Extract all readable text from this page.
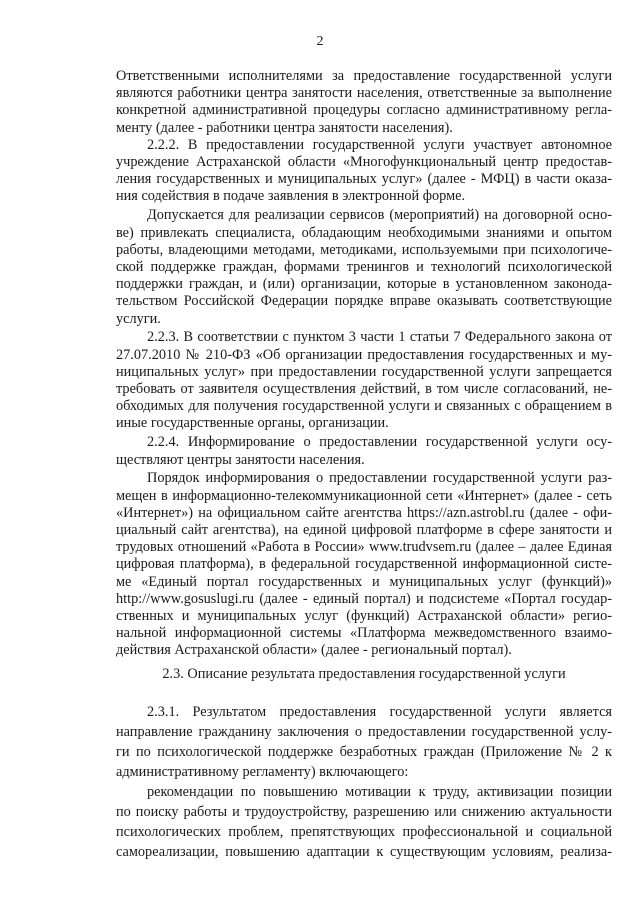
2
Ответственными исполнителями за предоставление государственной услуги
являются работники центра занятости населения, ответственные за выполнение
конкретной административной процедуры согласно административному регла-
менту (далее - работники центра занятости населения).
2.2.2. В предоставлении государственной услуги участвует автономное
учреждение Астраханской области «Многофункциональный центр предостав-
ления государственных и муниципальных услуг» (далее - МФЦ) в части оказа-
ния содействия в подаче заявления в электронной форме.
Допускается для реализации сервисов (мероприятий) на договорной осно-
ве) привлекать специалиста, обладающим необходимыми знаниями и опытом
работы, владеющими методами, методиками, используемыми при психологиче-
ской поддержке граждан, формами тренингов и технологий психологической
поддержки граждан, и (или) организации, которые в установленном законода-
тельством Российской Федерации порядке вправе оказывать соответствующие
услуги.
2.2.3. В соответствии с пунктом 3 части 1 статьи 7 Федерального закона от
27.07.2010 № 210-ФЗ «Об организации предоставления государственных и му-
ниципальных услуг» при предоставлении государственной услуги запрещается
требовать от заявителя осуществления действий, в том числе согласований, не-
обходимых для получения государственной услуги и связанных с обращением в
иные государственные органы, организации.
2.2.4. Информирование о предоставлении государственной услуги осу-
ществляют центры занятости населения.
Порядок информирования о предоставлении государственной услуги раз-
мещен в информационно-телекоммуникационной сети «Интернет» (далее - сеть
«Интернет») на официальном сайте агентства https://azn.astrobl.ru (далее - офи-
циальный сайт агентства), на единой цифровой платформе в сфере занятости и
трудовых отношений «Работа в России» www.trudvsem.ru (далее – далее Единая
цифровая платформа), в федеральной государственной информационной систе-
ме «Единый портал государственных и муниципальных услуг (функций)»
http://www.gosuslugi.ru (далее - единый портал) и подсистеме «Портал государ-
ственных и муниципальных услуг (функций) Астраханской области» регио-
нальной информационной системы «Платформа межведомственного взаимо-
действия Астраханской области» (далее - региональный портал).
2.3. Описание результата предоставления государственной услуги
2.3.1. Результатом предоставления государственной услуги является
направление гражданину заключения о предоставлении государственной услу-
ги по психологической поддержке безработных граждан (Приложение № 2 к
административному регламенту) включающего:
рекомендации по повышению мотивации к труду, активизации позиции
по поиску работы и трудоустройству, разрешению или снижению актуальности
психологических проблем, препятствующих профессиональной и социальной
самореализации, повышению адаптации к существующим условиям, реализа-
